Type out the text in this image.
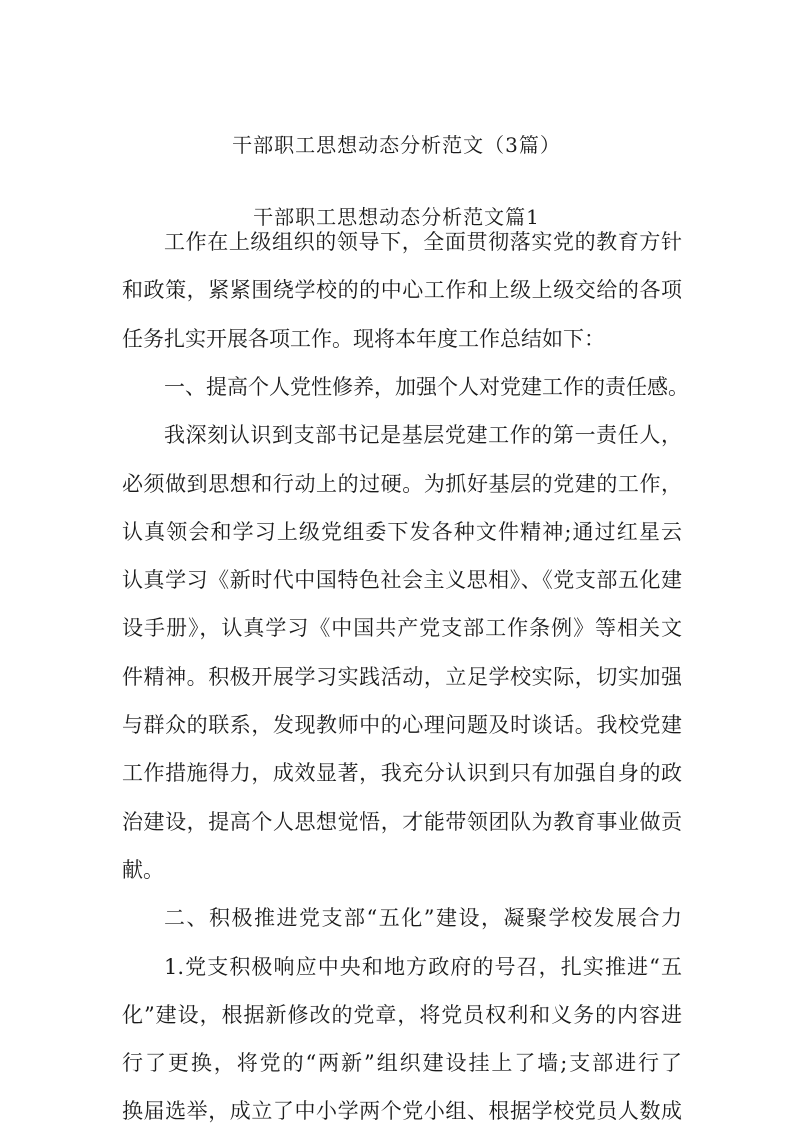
干部职工思想动态分析范文（3篇）
干部职工思想动态分析范文篇1
工作在上级组织的领导下，全面贯彻落实党的教育方针
和政策，紧紧围绕学校的的中心工作和上级上级交给的各项
任务扎实开展各项工作。现将本年度工作总结如下：
一、提高个人党性修养，加强个人对党建工作的责任感。
我深刻认识到支部书记是基层党建工作的第一责任人，
必须做到思想和行动上的过硬。为抓好基层的党建的工作，
认真领会和学习上级党组委下发各种文件精神;通过红星云
认真学习《新时代中国特色社会主义思相》、《党支部五化建
设手册》，认真学习《中国共产党支部工作条例》等相关文
件精神。积极开展学习实践活动，立足学校实际，切实加强
与群众的联系，发现教师中的心理问题及时谈话。我校党建
工作措施得力，成效显著，我充分认识到只有加强自身的政
治建设，提高个人思想觉悟，才能带领团队为教育事业做贡
献。
二、积极推进党支部“五化”建设，凝聚学校发展合力
1.党支积极响应中央和地方政府的号召，扎实推进“五
化”建设，根据新修改的党章，将党员权利和义务的内容进
行了更换，将党的“两新”组织建设挂上了墙;支部进行了
换届选举，成立了中小学两个党小组、根据学校党员人数成
